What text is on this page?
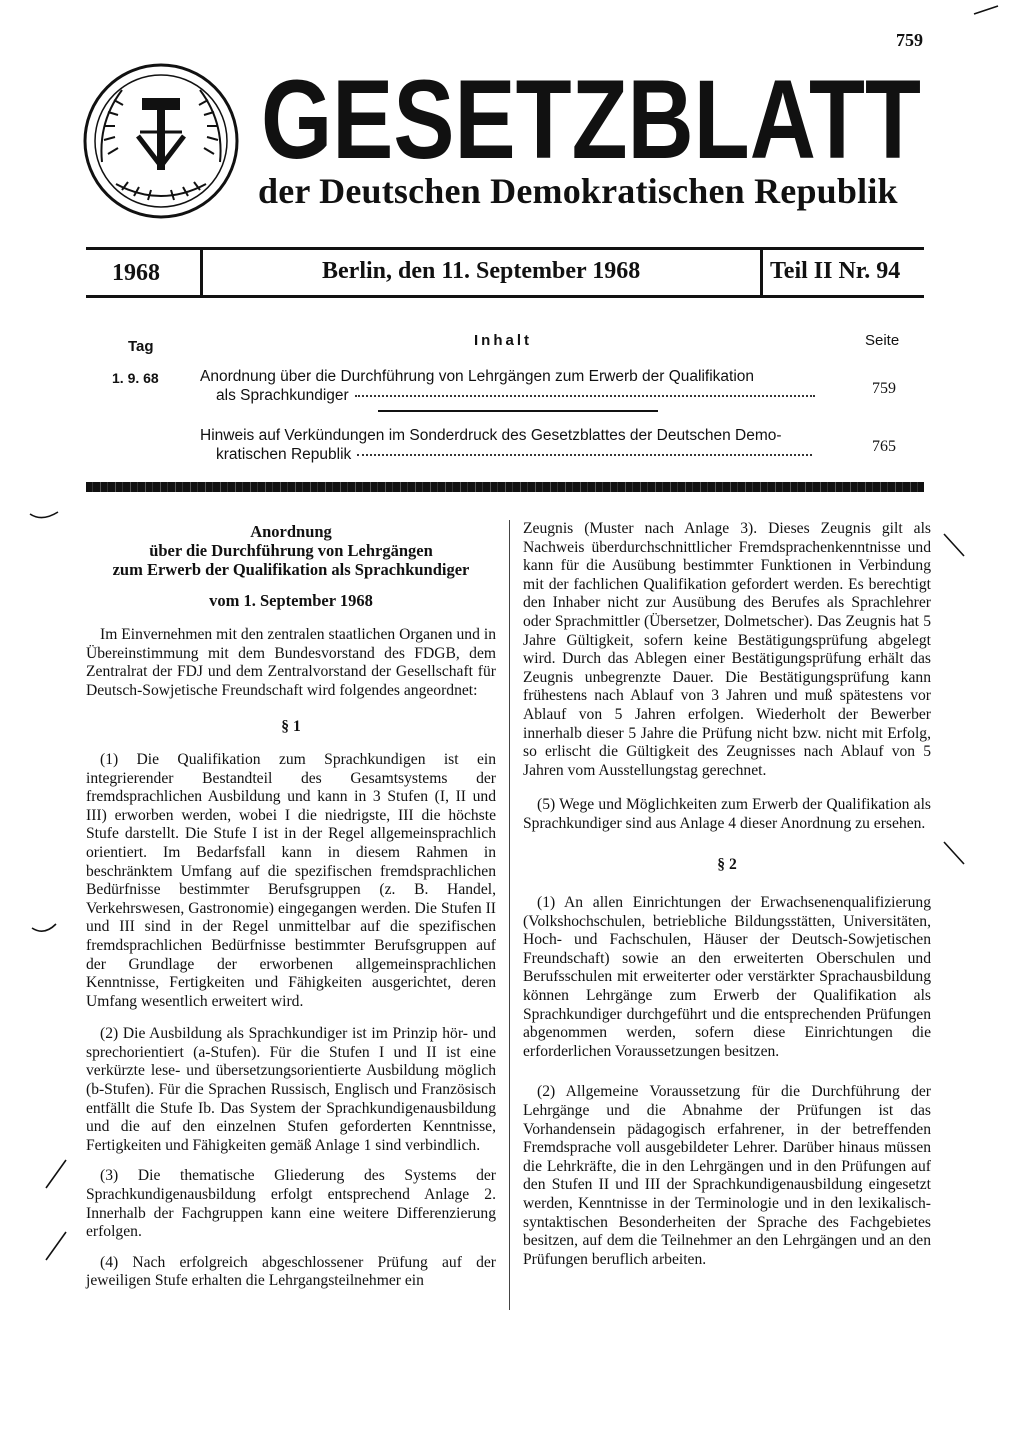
759
GESETZBLATT
der Deutschen Demokratischen Republik
1968	Berlin, den 11. September 1968	Teil II Nr. 94
Tag	Inhalt	Seite
1. 9. 68	Anordnung über die Durchführung von Lehrgängen zum Erwerb der Qualifikation
als Sprachkundiger	759
Hinweis auf Verkündungen im Sonderdruck des Gesetzblattes der Deutschen Demo-
kratischen Republik	765
Anordnung
über die Durchführung von Lehrgängen
zum Erwerb der Qualifikation als Sprachkundiger
vom 1. September 1968

Im Einvernehmen mit den zentralen staatlichen Organen und in Übereinstimmung mit dem Bundesvorstand des FDGB, dem Zentralrat der FDJ und dem Zentralvorstand der Gesellschaft für Deutsch-Sowjetische Freundschaft wird folgendes angeordnet:

§ 1

(1) Die Qualifikation zum Sprachkundigen ist ein integrierender Bestandteil des Gesamtsystems der fremdsprachlichen Ausbildung und kann in 3 Stufen (I, II und III) erworben werden, wobei I die niedrigste, III die höchste Stufe darstellt. Die Stufe I ist in der Regel allgemeinsprachlich orientiert. Im Bedarfsfall kann in diesem Rahmen in beschränktem Umfang auf die spezifischen fremdsprachlichen Bedürfnisse bestimmter Berufsgruppen (z. B. Handel, Verkehrswesen, Gastronomie) eingegangen werden. Die Stufen II und III sind in der Regel unmittelbar auf die spezifischen fremdsprachlichen Bedürfnisse bestimmter Berufsgruppen auf der Grundlage der erworbenen allgemeinsprachlichen Kenntnisse, Fertigkeiten und Fähigkeiten ausgerichtet, deren Umfang wesentlich erweitert wird.

(2) Die Ausbildung als Sprachkundiger ist im Prinzip hör- und sprechorientiert (a-Stufen). Für die Stufen I und II ist eine verkürzte lese- und übersetzungsorientierte Ausbildung möglich (b-Stufen). Für die Sprachen Russisch, Englisch und Französisch entfällt die Stufe Ib. Das System der Sprachkundigenausbildung und die auf den einzelnen Stufen geforderten Kenntnisse, Fertigkeiten und Fähigkeiten gemäß Anlage 1 sind verbindlich.

(3) Die thematische Gliederung des Systems der Sprachkundigenausbildung erfolgt entsprechend Anlage 2. Innerhalb der Fachgruppen kann eine weitere Differenzierung erfolgen.

(4) Nach erfolgreich abgeschlossener Prüfung auf der jeweiligen Stufe erhalten die Lehrgangsteilnehmer ein

Zeugnis (Muster nach Anlage 3). Dieses Zeugnis gilt als Nachweis überdurchschnittlicher Fremdsprachenkenntnisse und kann für die Ausübung bestimmter Funktionen in Verbindung mit der fachlichen Qualifikation gefordert werden. Es berechtigt den Inhaber nicht zur Ausübung des Berufes als Sprachlehrer oder Sprachmittler (Übersetzer, Dolmetscher). Das Zeugnis hat 5 Jahre Gültigkeit, sofern keine Bestätigungsprüfung abgelegt wird. Durch das Ablegen einer Bestätigungsprüfung erhält das Zeugnis unbegrenzte Dauer. Die Bestätigungsprüfung kann frühestens nach Ablauf von 3 Jahren und muß spätestens vor Ablauf von 5 Jahren erfolgen. Wiederholt der Bewerber innerhalb dieser 5 Jahre die Prüfung nicht bzw. nicht mit Erfolg, so erlischt die Gültigkeit des Zeugnisses nach Ablauf von 5 Jahren vom Ausstellungstag gerechnet.

(5) Wege und Möglichkeiten zum Erwerb der Qualifikation als Sprachkundiger sind aus Anlage 4 dieser Anordnung zu ersehen.

§ 2

(1) An allen Einrichtungen der Erwachsenenqualifizierung (Volkshochschulen, betriebliche Bildungsstätten, Universitäten, Hoch- und Fachschulen, Häuser der Deutsch-Sowjetischen Freundschaft) sowie an den erweiterten Oberschulen und Berufsschulen mit erweiterter oder verstärkter Sprachausbildung können Lehrgänge zum Erwerb der Qualifikation als Sprachkundiger durchgeführt und die entsprechenden Prüfungen abgenommen werden, sofern diese Einrichtungen die erforderlichen Voraussetzungen besitzen.

(2) Allgemeine Voraussetzung für die Durchführung der Lehrgänge und die Abnahme der Prüfungen ist das Vorhandensein pädagogisch erfahrener, in der betreffenden Fremdsprache voll ausgebildeter Lehrer. Darüber hinaus müssen die Lehrkräfte, die in den Lehrgängen und in den Prüfungen auf den Stufen II und III der Sprachkundigenausbildung eingesetzt werden, Kenntnisse in der Terminologie und in den lexikalisch-syntaktischen Besonderheiten der Sprache des Fachgebietes besitzen, auf dem die Teilnehmer an den Lehrgängen und an den Prüfungen beruflich arbeiten.
